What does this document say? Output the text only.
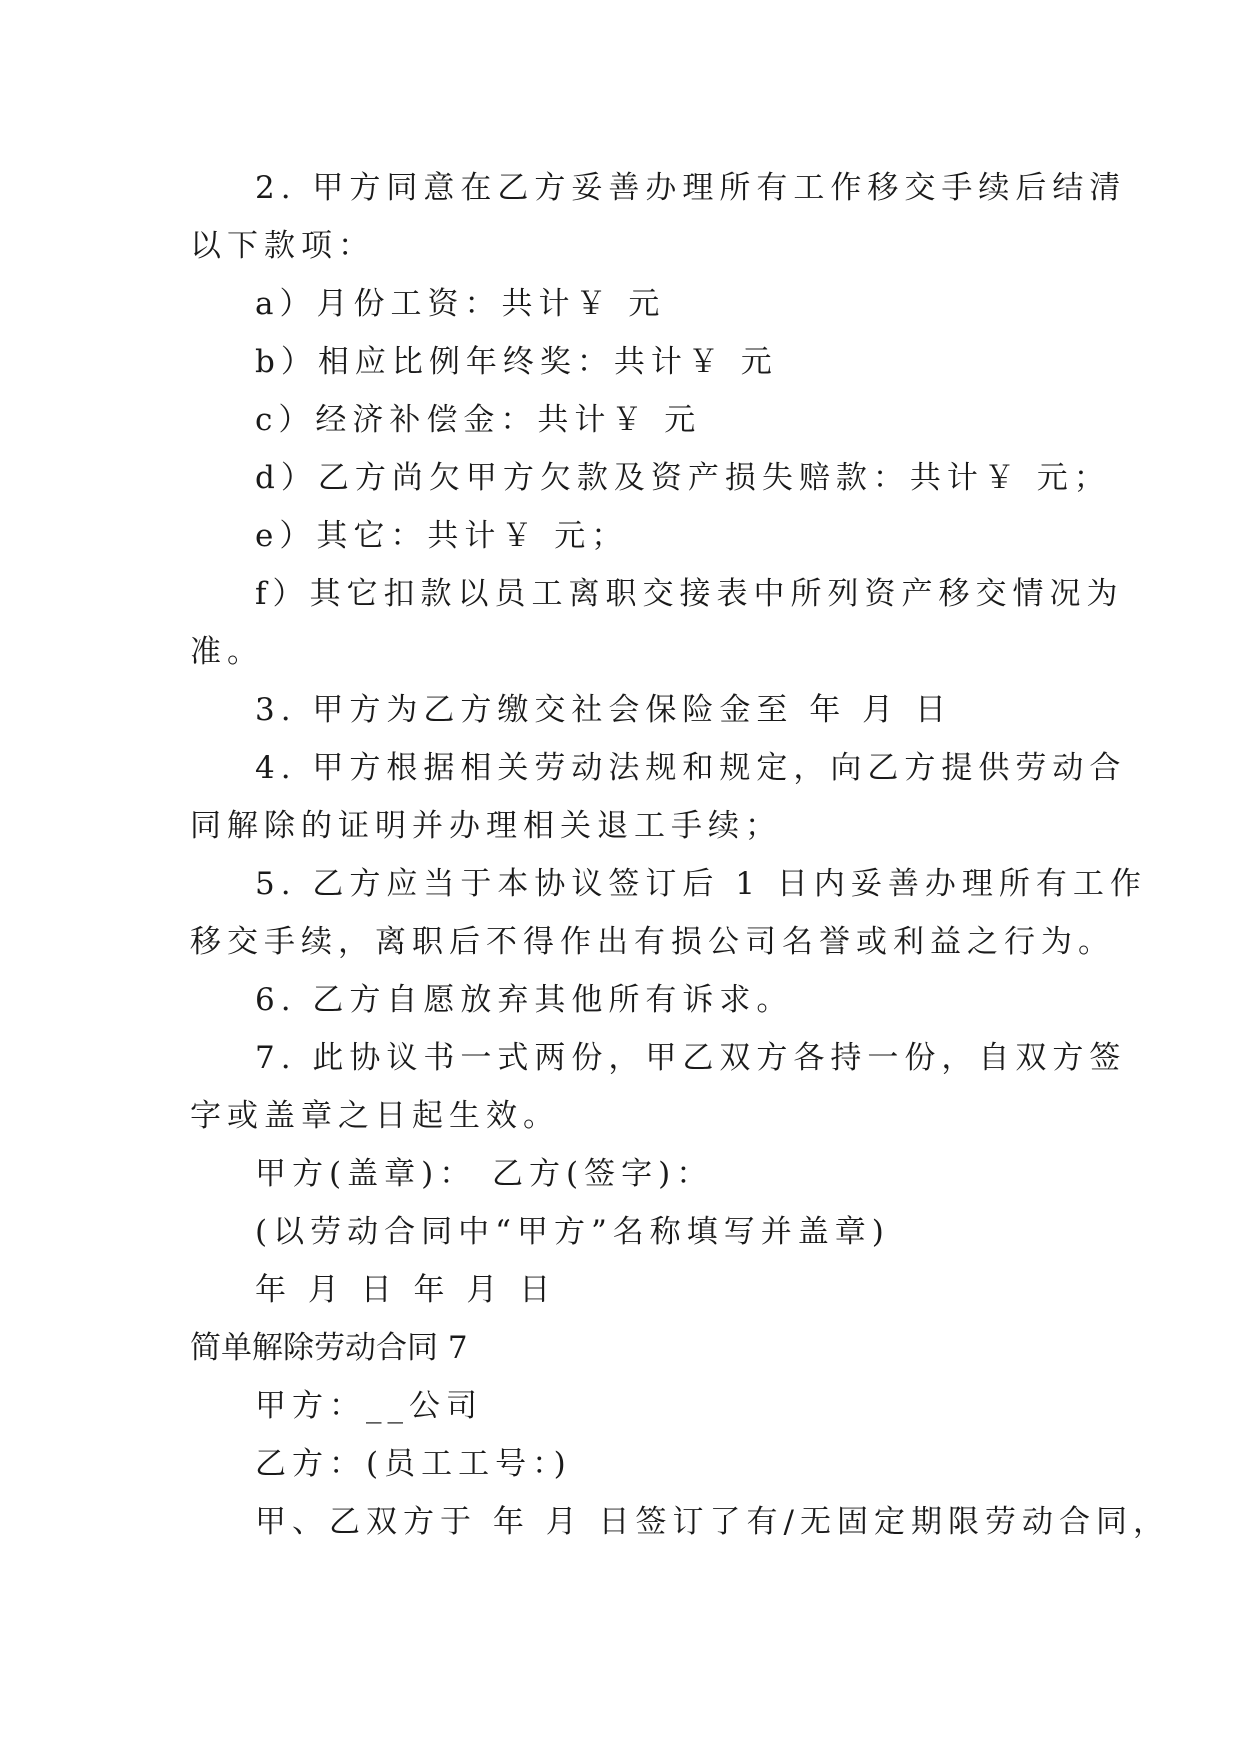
2. 甲方同意在乙方妥善办理所有工作移交手续后结清
以下款项：
a）月份工资：共计￥ 元
b）相应比例年终奖：共计￥ 元
c）经济补偿金：共计￥ 元
d）乙方尚欠甲方欠款及资产损失赔款：共计￥ 元；
e）其它：共计￥ 元；
f）其它扣款以员工离职交接表中所列资产移交情况为
准。
3. 甲方为乙方缴交社会保险金至 年 月 日
4. 甲方根据相关劳动法规和规定，向乙方提供劳动合
同解除的证明并办理相关退工手续；
5. 乙方应当于本协议签订后 1 日内妥善办理所有工作
移交手续，离职后不得作出有损公司名誉或利益之行为。
6. 乙方自愿放弃其他所有诉求。
7. 此协议书一式两份，甲乙双方各持一份，自双方签
字或盖章之日起生效。
甲方(盖章)： 乙方(签字)：
(以劳动合同中“甲方”名称填写并盖章)
年 月 日 年 月 日
简单解除劳动合同 7
甲方：__公司
乙方：(员工工号：)
甲、乙双方于 年 月 日签订了有/无固定期限劳动合同，
